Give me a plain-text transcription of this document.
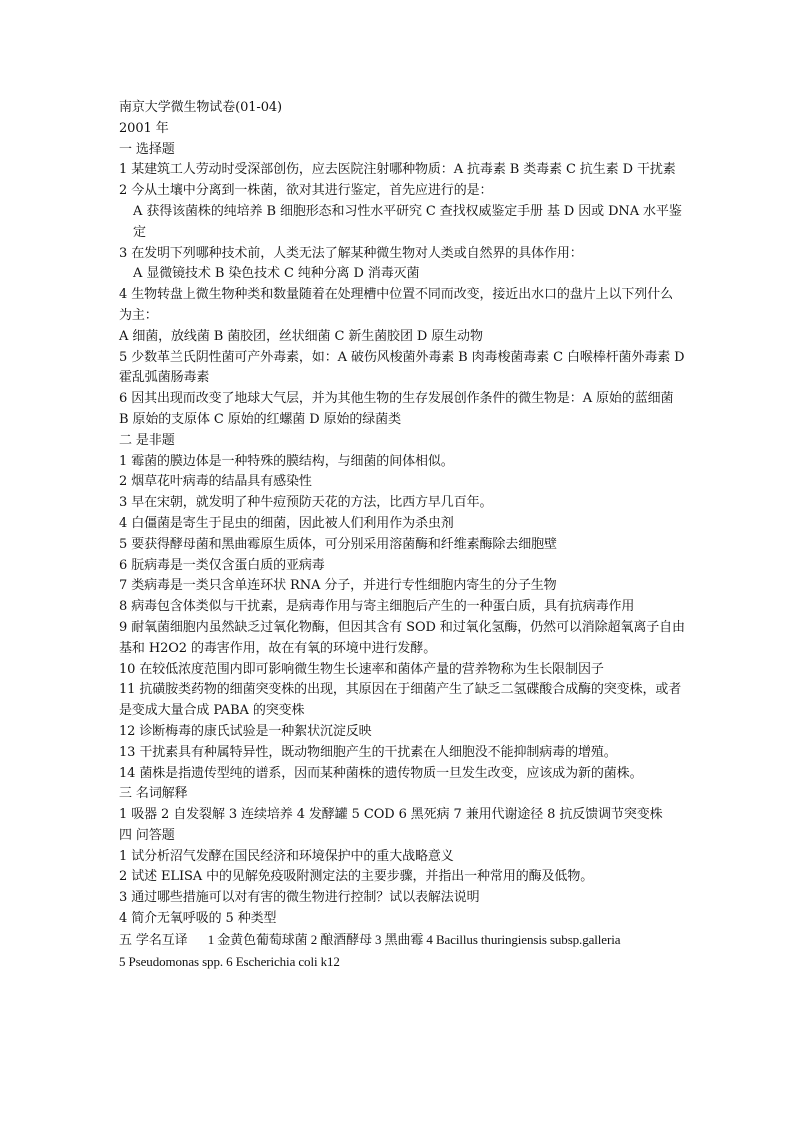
南京大学微生物试卷(01-04)
2001 年
一 选择题
1 某建筑工人劳动时受深部创伤，应去医院注射哪种物质：A 抗毒素 B 类毒素 C 抗生素 D 干扰素
2 今从土壤中分离到一株菌，欲对其进行鉴定，首先应进行的是：
A 获得该菌株的纯培养 B 细胞形态和习性水平研究 C 查找权威鉴定手册 基 D 因或 DNA 水平鉴定
3 在发明下列哪种技术前，人类无法了解某种微生物对人类或自然界的具体作用：
A 显微镜技术 B 染色技术 C 纯种分离 D 消毒灭菌
4 生物转盘上微生物种类和数量随着在处理槽中位置不同而改变，接近出水口的盘片上以下列什么为主：
A 细菌，放线菌 B 菌胶团，丝状细菌 C 新生菌胶团 D 原生动物
5 少数革兰氏阴性菌可产外毒素，如：A 破伤风梭菌外毒素 B 肉毒梭菌毒素 C 白喉棒杆菌外毒素 D 霍乱弧菌肠毒素
6 因其出现而改变了地球大气层，并为其他生物的生存发展创作条件的微生物是：A 原始的蓝细菌 B 原始的支原体 C 原始的红螺菌 D 原始的绿菌类
二 是非题
1 霉菌的膜边体是一种特殊的膜结构，与细菌的间体相似。
2 烟草花叶病毒的结晶具有感染性
3 早在宋朝，就发明了种牛痘预防天花的方法，比西方早几百年。
4 白僵菌是寄生于昆虫的细菌，因此被人们利用作为杀虫剂
5 要获得酵母菌和黑曲霉原生质体，可分别采用溶菌酶和纤维素酶除去细胞壁
6 朊病毒是一类仅含蛋白质的亚病毒
7 类病毒是一类只含单连环状 RNA 分子，并进行专性细胞内寄生的分子生物
8 病毒包含体类似与干扰素，是病毒作用与寄主细胞后产生的一种蛋白质，具有抗病毒作用
9 耐氧菌细胞内虽然缺乏过氧化物酶，但因其含有 SOD 和过氧化氢酶，仍然可以消除超氧离子自由基和 H2O2 的毒害作用，故在有氧的环境中进行发酵。
10 在较低浓度范围内即可影响微生物生长速率和菌体产量的营养物称为生长限制因子
11 抗磺胺类药物的细菌突变株的出现，其原因在于细菌产生了缺乏二氢碟酸合成酶的突变株，或者是变成大量合成 PABA 的突变株
12 诊断梅毒的康氏试验是一种絮状沉淀反映
13 干扰素具有种属特异性，既动物细胞产生的干扰素在人细胞没不能抑制病毒的增殖。
14 菌株是指遗传型纯的谱系，因而某种菌株的遗传物质一旦发生改变，应该成为新的菌株。
三 名词解释
1 吸器 2 自发裂解 3 连续培养 4 发酵罐 5 COD 6 黑死病 7 兼用代谢途径 8 抗反馈调节突变株
四 问答题
1 试分析沼气发酵在国民经济和环境保护中的重大战略意义
2 试述 ELISA 中的见解免疫吸附测定法的主要步骤，并指出一种常用的酶及低物。
3 通过哪些措施可以对有害的微生物进行控制？试以表解法说明
4 简介无氧呼吸的 5 种类型
五 学名互译 1 金黄色葡萄球菌 2 酿酒酵母 3 黑曲霉 4 Bacillus thuringiensis subsp.galleria
5 Pseudomonas spp. 6 Escherichia coli k12
